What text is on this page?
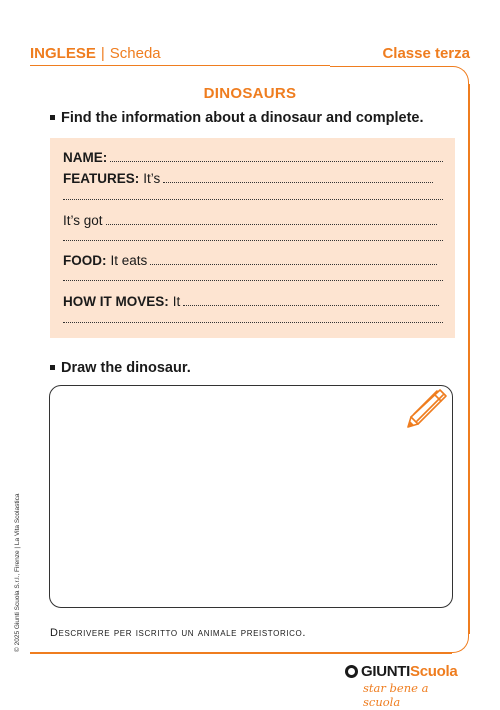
INGLESE | Scheda	Classe terza
DINOSAURS
Find the information about a dinosaur and complete.
NAME:
FEATURES: It’s
It’s got
FOOD: It eats
HOW IT MOVES: It
Draw the dinosaur.
Descrivere per iscritto un animale preistorico.
© 2025 Giunti Scuola S.r.l., Firenze | La Vita Scolastica
GIUNTI Scuola
star bene a scuola
